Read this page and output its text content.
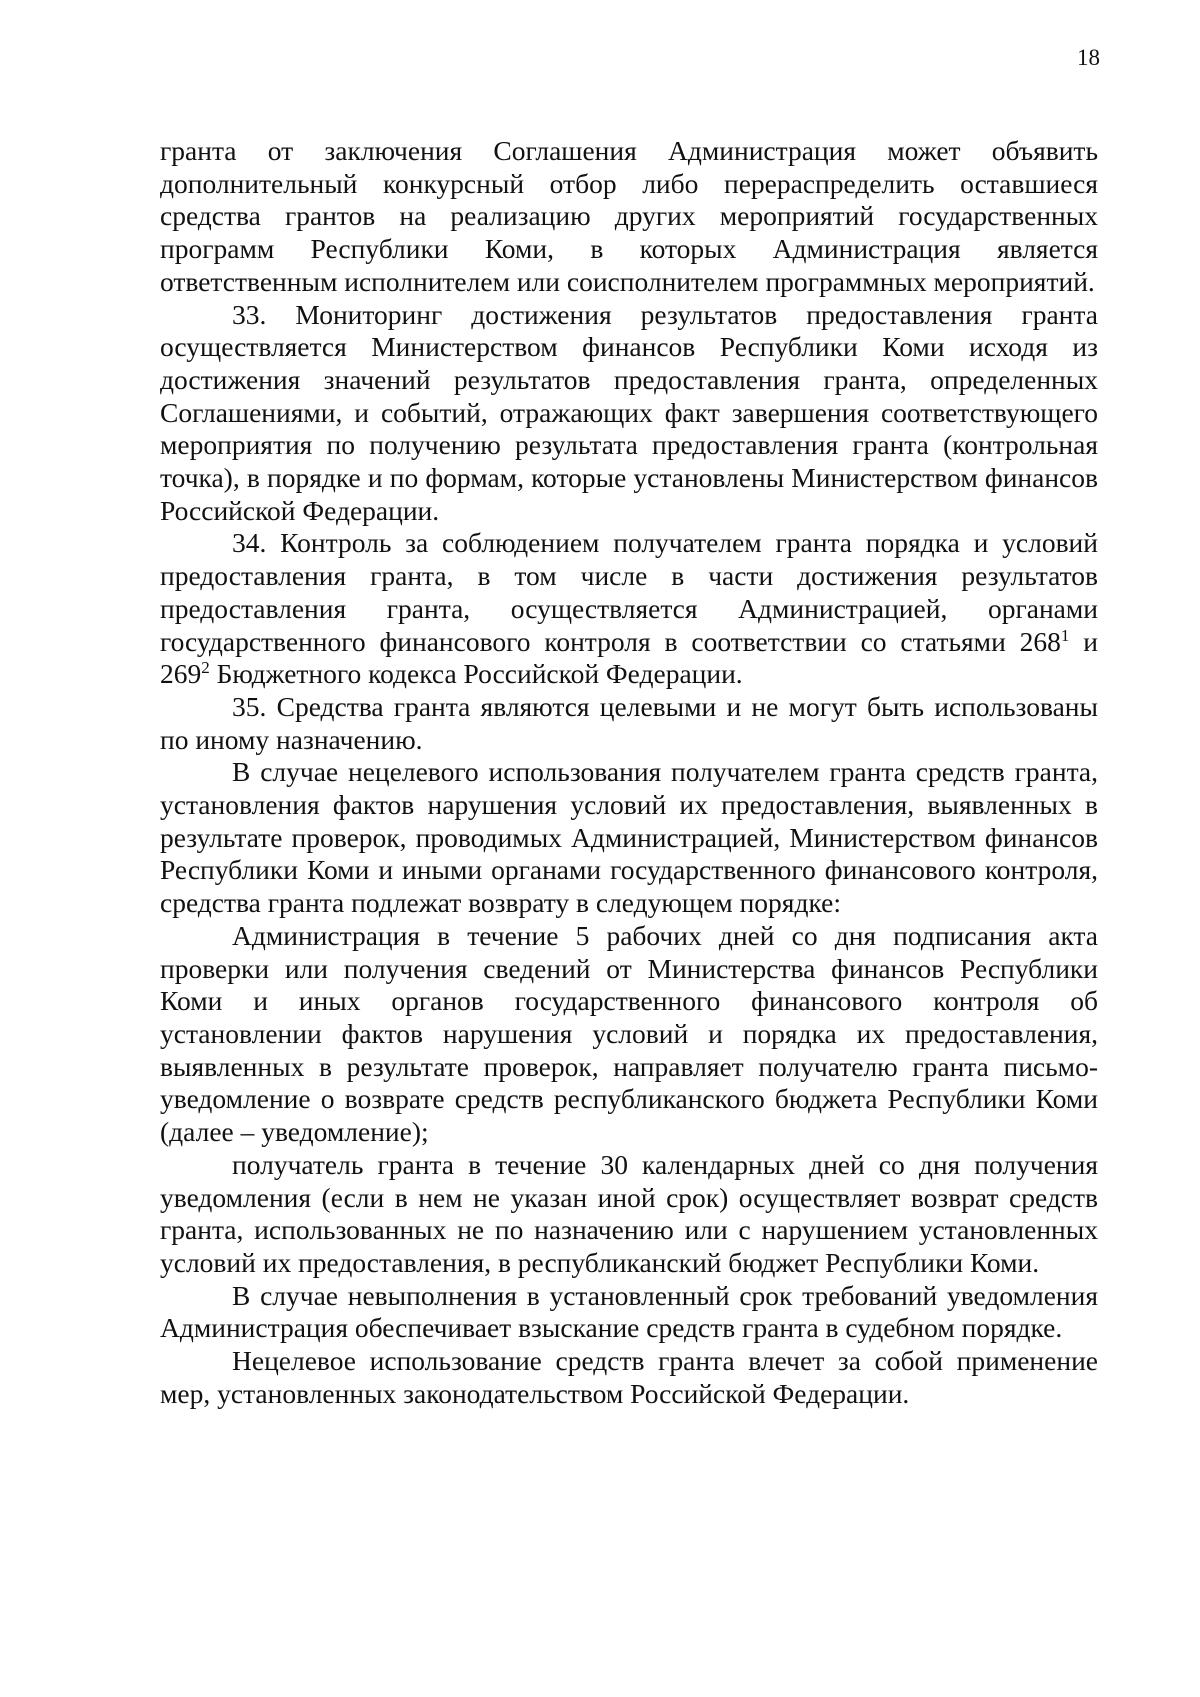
18

гранта от заключения Соглашения Администрация может объявить дополнительный конкурсный отбор либо перераспределить оставшиеся средства грантов на реализацию других мероприятий государственных программ Республики Коми, в которых Администрация является ответственным исполнителем или соисполнителем программных мероприятий.

33. Мониторинг достижения результатов предоставления гранта осуществляется Министерством финансов Республики Коми исходя из достижения значений результатов предоставления гранта, определенных Соглашениями, и событий, отражающих факт завершения соответствующего мероприятия по получению результата предоставления гранта (контрольная точка), в порядке и по формам, которые установлены Министерством финансов Российской Федерации.

34. Контроль за соблюдением получателем гранта порядка и условий предоставления гранта, в том числе в части достижения результатов предоставления гранта, осуществляется Администрацией, органами государственного финансового контроля в соответствии со статьями $268^1$ и $269^2$ Бюджетного кодекса Российской Федерации.

35. Средства гранта являются целевыми и не могут быть использованы по иному назначению.

В случае нецелевого использования получателем гранта средств гранта, установления фактов нарушения условий их предоставления, выявленных в результате проверок, проводимых Администрацией, Министерством финансов Республики Коми и иными органами государственного финансового контроля, средства гранта подлежат возврату в следующем порядке:

Администрация в течение 5 рабочих дней со дня подписания акта проверки или получения сведений от Министерства финансов Республики Коми и иных органов государственного финансового контроля об установлении фактов нарушения условий и порядка их предоставления, выявленных в результате проверок, направляет получателю гранта письмо-уведомление о возврате средств республиканского бюджета Республики Коми (далее – уведомление);

получатель гранта в течение 30 календарных дней со дня получения уведомления (если в нем не указан иной срок) осуществляет возврат средств гранта, использованных не по назначению или с нарушением установленных условий их предоставления, в республиканский бюджет Республики Коми.

В случае невыполнения в установленный срок требований уведомления Администрация обеспечивает взыскание средств гранта в судебном порядке.

Нецелевое использование средств гранта влечет за собой применение мер, установленных законодательством Российской Федерации.
